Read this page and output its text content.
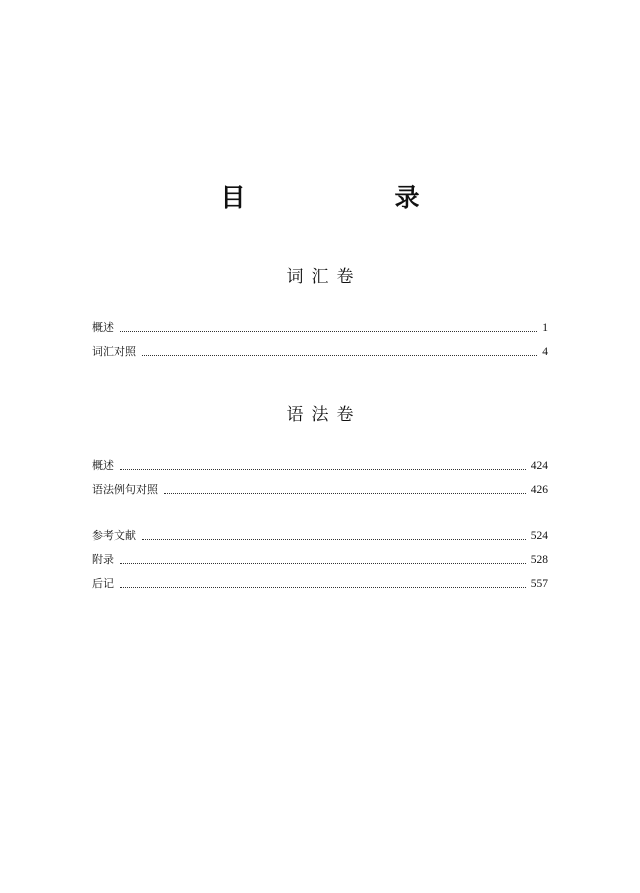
目　录
词汇卷
概述	1
词汇对照	4
语法卷
概述	424
语法例句对照	426
参考文献	524
附录	528
后记	557
